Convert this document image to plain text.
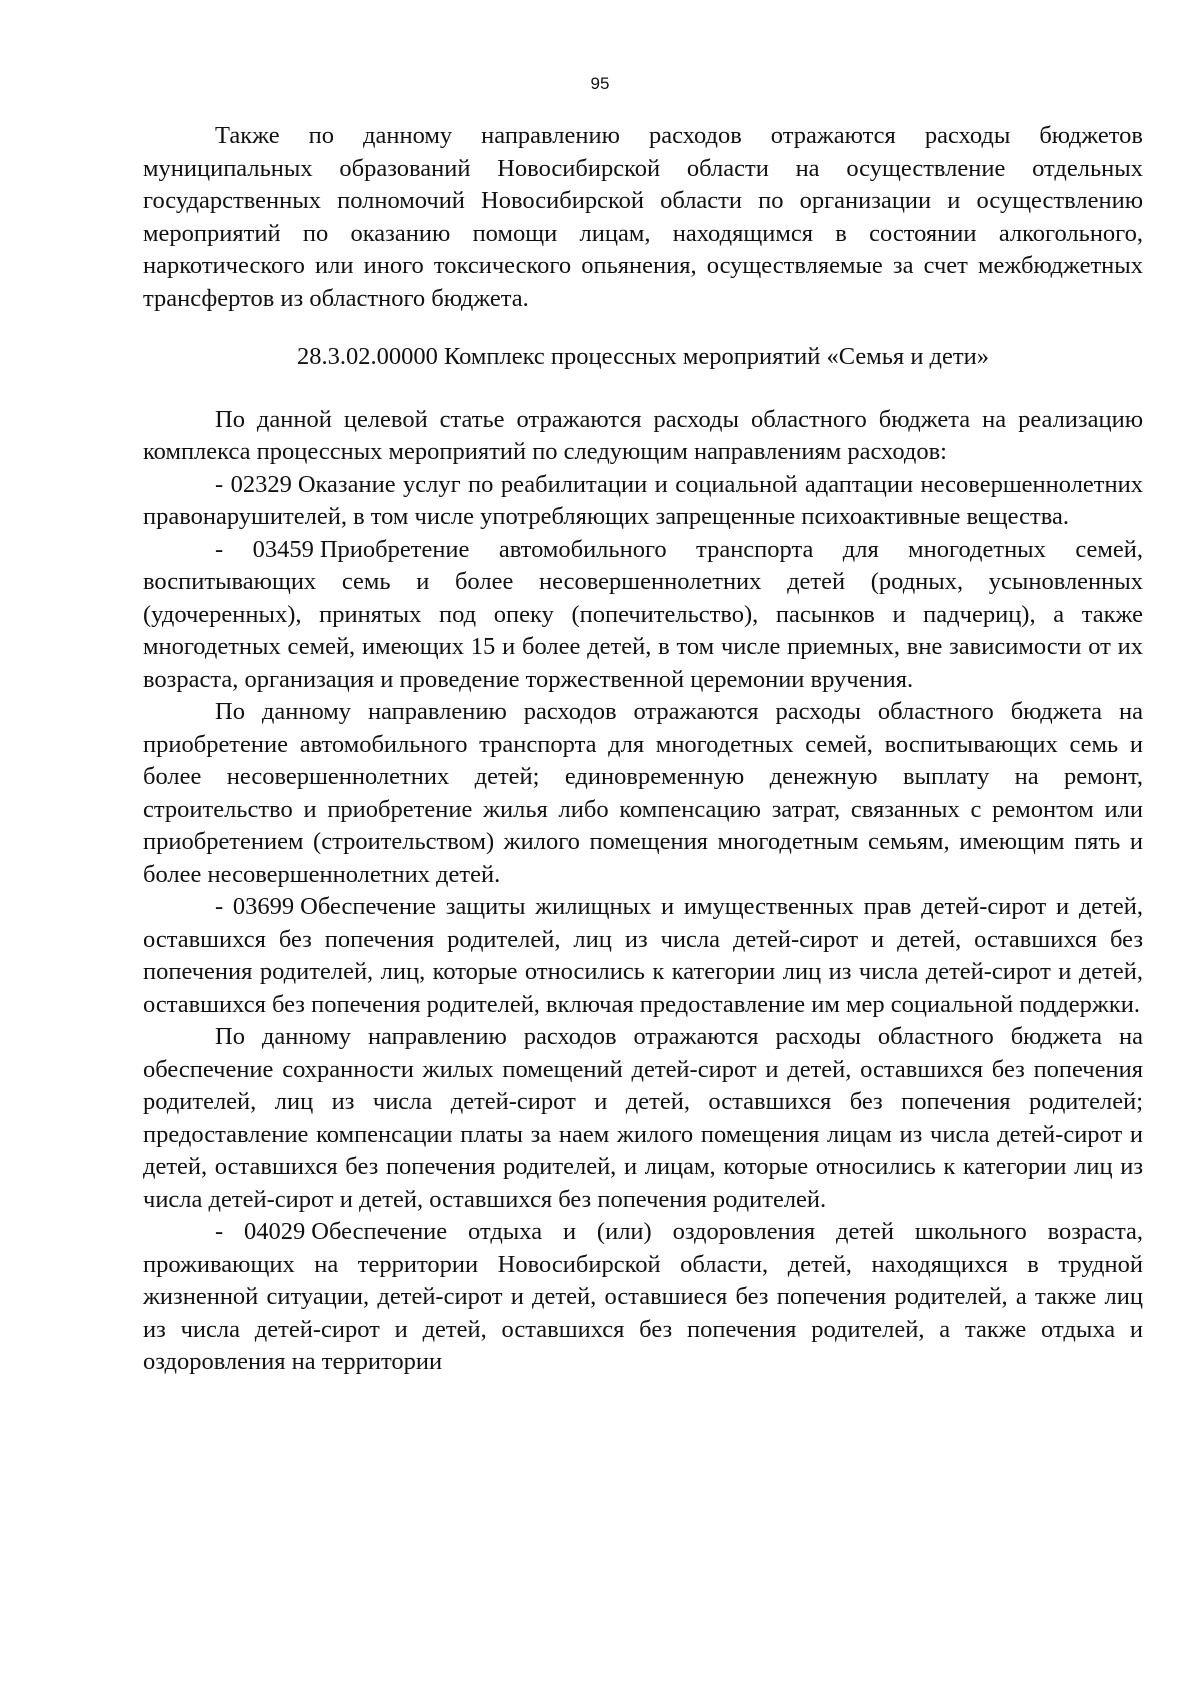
95

Также по данному направлению расходов отражаются расходы бюджетов муниципальных образований Новосибирской области на осуществление отдельных государственных полномочий Новосибирской области по организации и осуществлению мероприятий по оказанию помощи лицам, находящимся в состоянии алкогольного, наркотического или иного токсического опьянения, осуществляемые за счет межбюджетных трансфертов из областного бюджета.

28.3.02.00000 Комплекс процессных мероприятий «Семья и дети»

По данной целевой статье отражаются расходы областного бюджета на реализацию комплекса процессных мероприятий по следующим направлениям расходов:

- 02329 Оказание услуг по реабилитации и социальной адаптации несовершеннолетних правонарушителей, в том числе употребляющих запрещенные психоактивные вещества.

- 03459 Приобретение автомобильного транспорта для многодетных семей, воспитывающих семь и более несовершеннолетних детей (родных, усыновленных (удочеренных), принятых под опеку (попечительство), пасынков и падчериц), а также многодетных семей, имеющих 15 и более детей, в том числе приемных, вне зависимости от их возраста, организация и проведение торжественной церемонии вручения.

По данному направлению расходов отражаются расходы областного бюджета на приобретение автомобильного транспорта для многодетных семей, воспитывающих семь и более несовершеннолетних детей; единовременную денежную выплату на ремонт, строительство и приобретение жилья либо компенсацию затрат, связанных с ремонтом или приобретением (строительством) жилого помещения многодетным семьям, имеющим пять и более несовершеннолетних детей.

- 03699 Обеспечение защиты жилищных и имущественных прав детей-сирот и детей, оставшихся без попечения родителей, лиц из числа детей-сирот и детей, оставшихся без попечения родителей, лиц, которые относились к категории лиц из числа детей-сирот и детей, оставшихся без попечения родителей, включая предоставление им мер социальной поддержки.

По данному направлению расходов отражаются расходы областного бюджета на обеспечение сохранности жилых помещений детей-сирот и детей, оставшихся без попечения родителей, лиц из числа детей-сирот и детей, оставшихся без попечения родителей; предоставление компенсации платы за наем жилого помещения лицам из числа детей-сирот и детей, оставшихся без попечения родителей, и лицам, которые относились к категории лиц из числа детей-сирот и детей, оставшихся без попечения родителей.

- 04029 Обеспечение отдыха и (или) оздоровления детей школьного возраста, проживающих на территории Новосибирской области, детей, находящихся в трудной жизненной ситуации, детей-сирот и детей, оставшиеся без попечения родителей, а также лиц из числа детей-сирот и детей, оставшихся без попечения родителей, а также отдыха и оздоровления на территории
